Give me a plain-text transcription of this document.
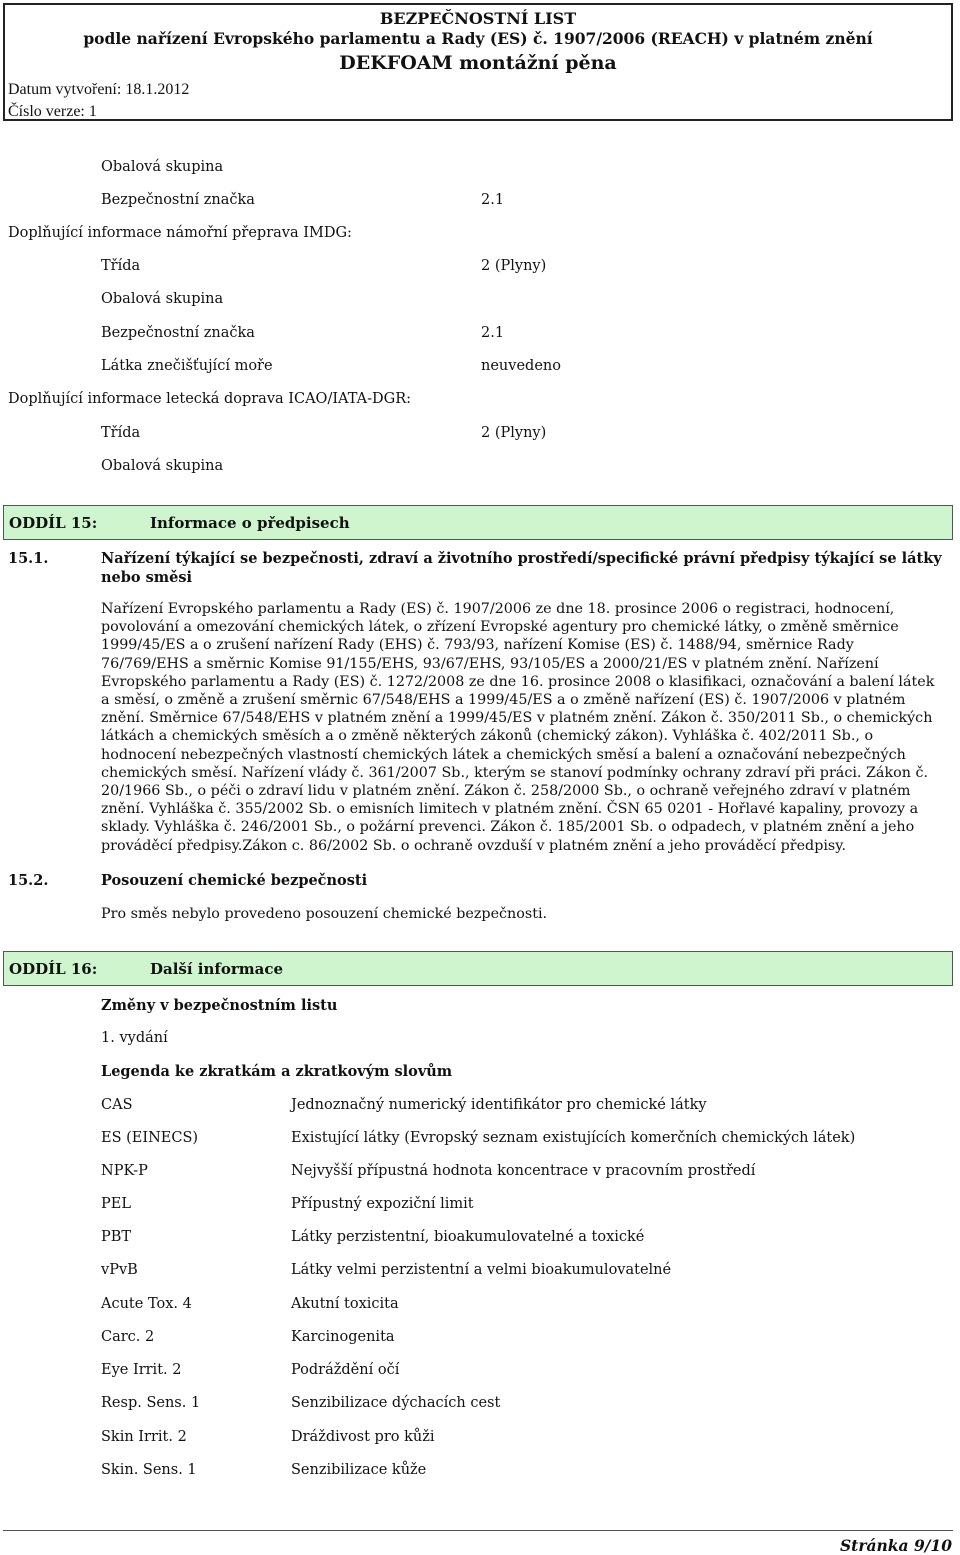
BEZPEČNOSTNÍ LIST
podle nařízení Evropského parlamentu a Rady (ES) č. 1907/2006 (REACH) v platném znění
DEKFOAM montážní pěna
Datum vytvoření: 18.1.2012
Číslo verze: 1
Obalová skupina
Bezpečnostní značka	2.1
Doplňující informace námořní přeprava IMDG:
Třída	2 (Plyny)
Obalová skupina
Bezpečnostní značka	2.1
Látka znečišťující moře	neuvedeno
Doplňující informace letecká doprava ICAO/IATA-DGR:
Třída	2 (Plyny)
Obalová skupina
ODDÍL 15:	Informace o předpisech
15.1.	Nařízení týkající se bezpečnosti, zdraví a životního prostředí/specifické právní předpisy týkající se látky nebo směsi
Nařízení Evropského parlamentu a Rady (ES) č. 1907/2006 ze dne 18. prosince 2006 o registraci, hodnocení, povolování a omezování chemických látek, o zřízení Evropské agentury pro chemické látky, o změně směrnice 1999/45/ES a o zrušení nařízení Rady (EHS) č. 793/93, nařízení Komise (ES) č. 1488/94, směrnice Rady 76/769/EHS a směrnic Komise 91/155/EHS, 93/67/EHS, 93/105/ES a 2000/21/ES v platném znění. Nařízení Evropského parlamentu a Rady (ES) č. 1272/2008 ze dne 16. prosince 2008 o klasifikaci, označování a balení látek a směsí, o změně a zrušení směrnic 67/548/EHS a 1999/45/ES a o změně nařízení (ES) č. 1907/2006 v platném znění. Směrnice 67/548/EHS v platném znění a 1999/45/ES v platném znění. Zákon č. 350/2011 Sb., o chemických látkách a chemických směsích a o změně některých zákonů (chemický zákon). Vyhláška č. 402/2011 Sb., o hodnocení nebezpečných vlastností chemických látek a chemických směsí a balení a označování nebezpečných chemických směsí. Nařízení vlády č. 361/2007 Sb., kterým se stanoví podmínky ochrany zdraví při práci. Zákon č. 20/1966 Sb., o péči o zdraví lidu v platném znění. Zákon č. 258/2000 Sb., o ochraně veřejného zdraví v platném znění. Vyhláška č. 355/2002 Sb. o emisních limitech v platném znění. ČSN 65 0201 - Hořlavé kapaliny, provozy a sklady. Vyhláška č. 246/2001 Sb., o požární prevenci. Zákon č. 185/2001 Sb. o odpadech, v platném znění a jeho prováděcí předpisy.Zákon c. 86/2002 Sb. o ochraně ovzduší v platném znění a jeho prováděcí předpisy.
15.2.	Posouzení chemické bezpečnosti
Pro směs nebylo provedeno posouzení chemické bezpečnosti.
ODDÍL 16:	Další informace
Změny v bezpečnostním listu
1. vydání
Legenda ke zkratkám a zkratkovým slovům
CAS	Jednoznačný numerický identifikátor pro chemické látky
ES (EINECS)	Existující látky (Evropský seznam existujících komerčních chemických látek)
NPK-P	Nejvyšší přípustná hodnota koncentrace v pracovním prostředí
PEL	Přípustný expoziční limit
PBT	Látky perzistentní, bioakumulovatelné a toxické
vPvB	Látky velmi perzistentní a velmi bioakumulovatelné
Acute Tox. 4	Akutní toxicita
Carc. 2	Karcinogenita
Eye Irrit. 2	Podráždění očí
Resp. Sens. 1	Senzibilizace dýchacích cest
Skin Irrit. 2	Dráždivost pro kůži
Skin. Sens. 1	Senzibilizace kůže
Stránka 9/10
